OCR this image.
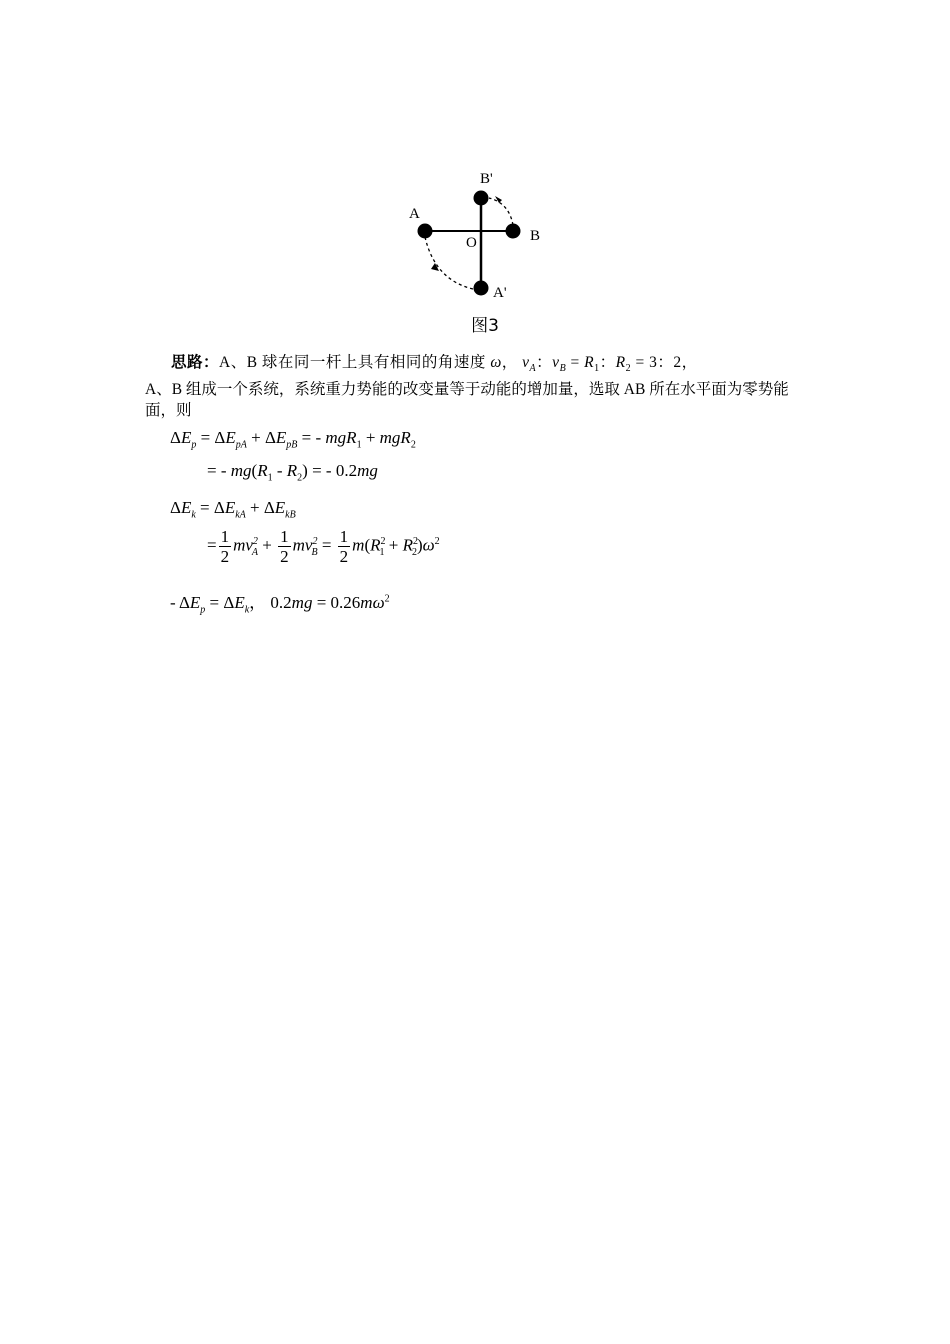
A
B
B'
A'
O
图3
思路：A、B 球在同一杆上具有相同的角速度 ω， $v_A$：$v_B = R_1$：$R_2 = 3$：2，
A、B 组成一个系统，系统重力势能的改变量等于动能的增加量，选取 AB 所在水平面为零势能面，则
$\Delta E_p = \Delta E_{pA} + \Delta E_{pB}$ = - mgR$_1$ + mgR$_2$
= - $mg(R_1 - R_2)$ = - 0.2mg
$\Delta E_k = \Delta E_{kA} + \Delta E_{kB}$
= $\frac{1}{2} mv^2_A + \frac{1}{2} mv^2_B = \frac{1}{2} m(R^2_1 + R^2_2)\omega^2$
- $\Delta E_p = \Delta E_k$， $0.2mg = 0.26m\omega^2$
